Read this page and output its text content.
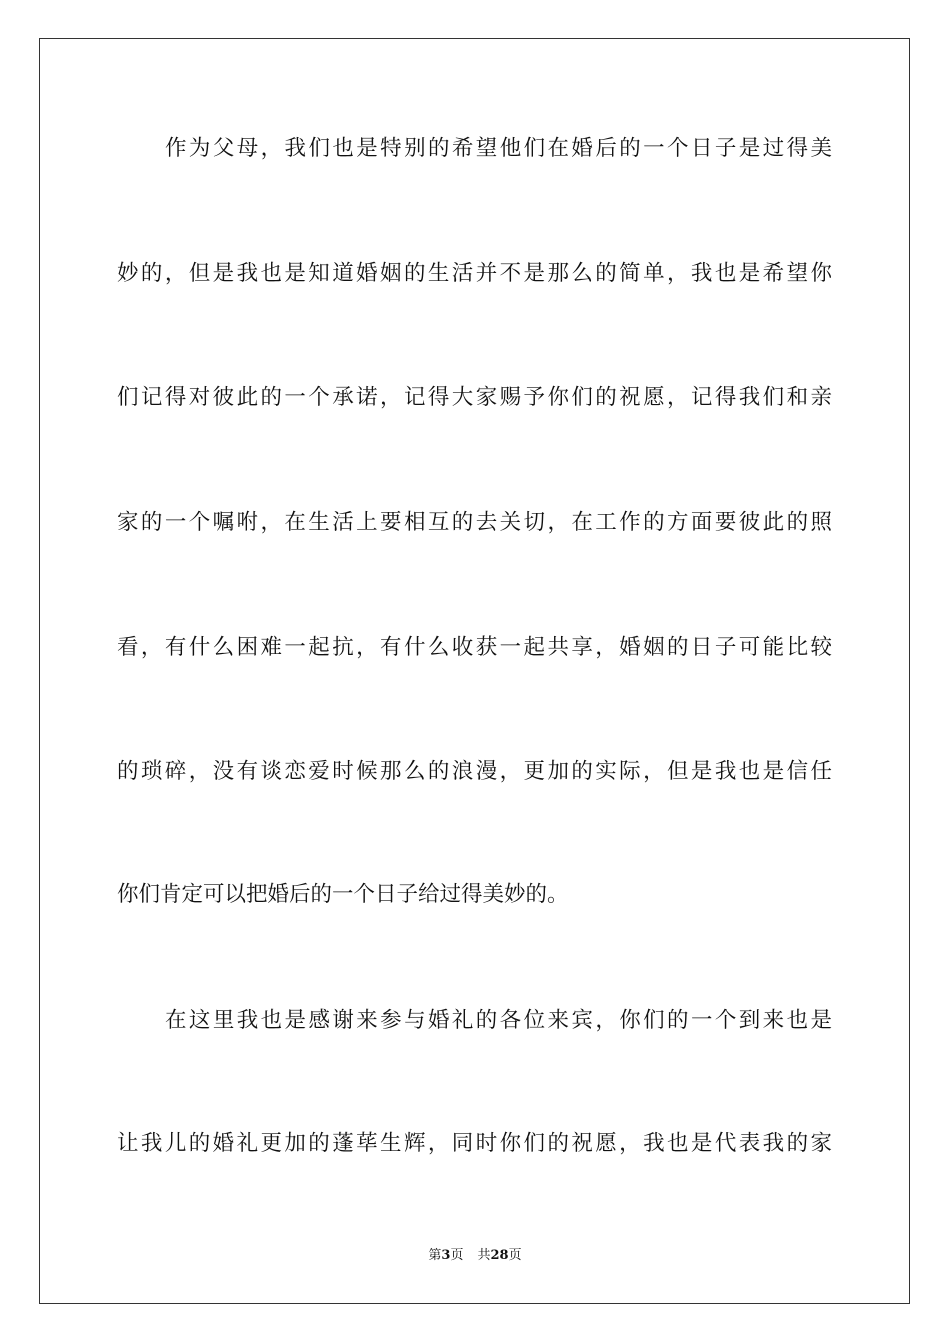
作为父母，我们也是特别的希望他们在婚后的一个日子是过得美
妙的，但是我也是知道婚姻的生活并不是那么的简单，我也是希望你
们记得对彼此的一个承诺，记得大家赐予你们的祝愿，记得我们和亲
家的一个嘱咐，在生活上要相互的去关切，在工作的方面要彼此的照
看，有什么困难一起抗，有什么收获一起共享，婚姻的日子可能比较
的琐碎，没有谈恋爱时候那么的浪漫，更加的实际，但是我也是信任
你们肯定可以把婚后的一个日子给过得美妙的。
在这里我也是感谢来参与婚礼的各位来宾，你们的一个到来也是
让我儿的婚礼更加的蓬荜生辉，同时你们的祝愿，我也是代表我的家
第3页 共28页
